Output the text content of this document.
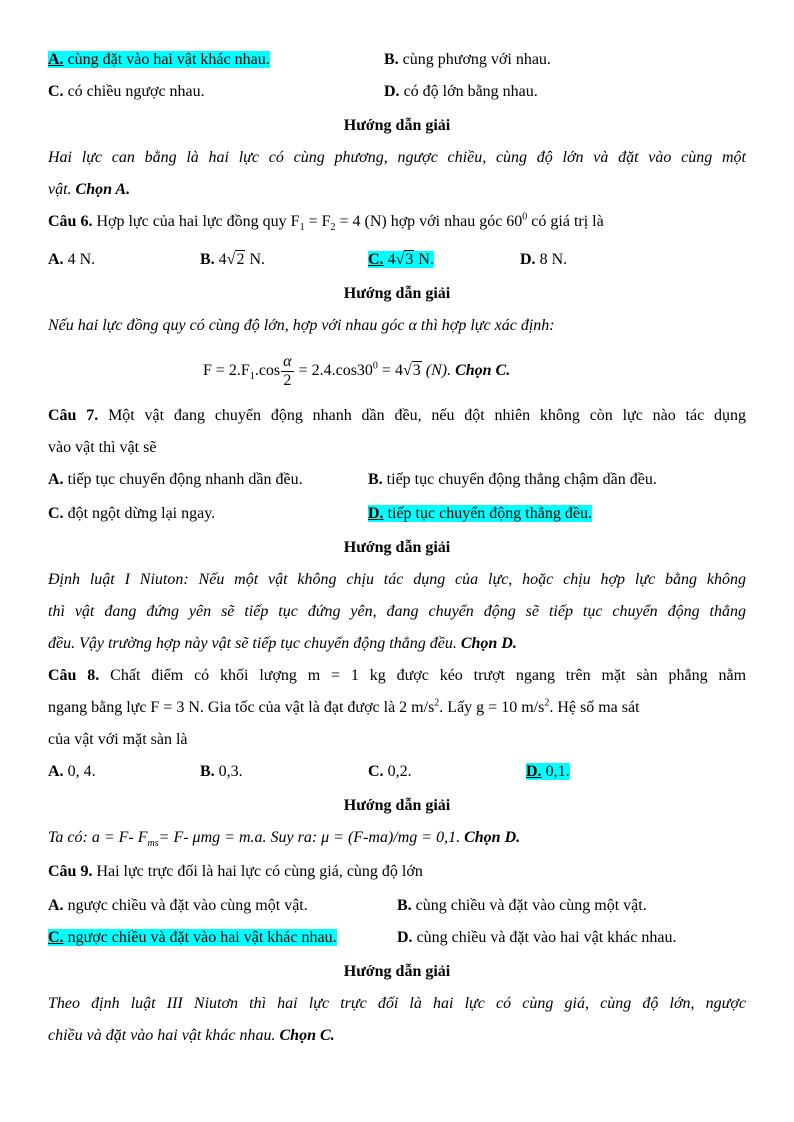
A. cùng đặt vào hai vật khác nhau.	B. cùng phương với nhau.
C. có chiều ngược nhau.	D. có độ lớn bằng nhau.
Hướng dẫn giải
Hai lực can bằng là hai lực có cùng phương, ngược chiều, cùng độ lớn và đặt vào cùng một
vật. Chọn A.
Câu 6. Hợp lực của hai lực đồng quy $F_1 = F_2 = 4$ (N) hợp với nhau góc $60^0$ có giá trị là
A. 4 N.	B. 4√2 N.	C. 4√3 N.	D. 8 N.
Hướng dẫn giải
Nếu hai lực đồng quy có cùng độ lớn, hợp với nhau góc α thì hợp lực xác định:
$F = 2.F_1.\cos \frac{\alpha}{2} = 2.4.\cos 30^0 = 4√3$ (N). Chọn C.
Câu 7. Một vật đang chuyển động nhanh dần đều, nếu đột nhiên không còn lực nào tác dụng
vào vật thì vật sẽ
A. tiếp tục chuyển động nhanh dần đều.	B. tiếp tục chuyển động thẳng chậm dần đều.
C. đột ngột dừng lại ngay.	D. tiếp tục chuyển động thẳng đều.
Hướng dẫn giải
Định luật I Niuton: Nếu một vật không chịu tác dụng của lực, hoặc chịu hợp lực bằng không
thì vật đang đứng yên sẽ tiếp tục đứng yên, đang chuyển động sẽ tiếp tục chuyển động thẳng
đều. Vậy trường hợp này vật sẽ tiếp tục chuyển động thẳng đều. Chọn D.
Câu 8. Chất điểm có khối lượng m = 1 kg được kéo trượt ngang trên mặt sàn phẳng nằm
ngang bằng lực F = 3 N. Gia tốc của vật là đạt được là 2 $m/s^2$. Lấy g = 10 $m/s^2$. Hệ số ma sát
của vật với mặt sàn là
A. 0, 4.	B. 0,3.	C. 0,2.	D. 0,1.
Hướng dẫn giải
Ta có: a = F- $F_{ms}= F-$ μmg = m.a. Suy ra: μ = (F-ma)/mg = 0,1. Chọn D.
Câu 9. Hai lực trực đối là hai lực có cùng giá, cùng độ lớn
A. ngược chiều và đặt vào cùng một vật.	B. cùng chiều và đặt vào cùng một vật.
C. ngược chiều và đặt vào hai vật khác nhau.	D. cùng chiều và đặt vào hai vật khác nhau.
Hướng dẫn giải
Theo định luật III Niutơn thì hai lực trực đối là hai lực có cùng giá, cùng độ lớn, ngược
chiều và đặt vào hai vật khác nhau. Chọn C.
